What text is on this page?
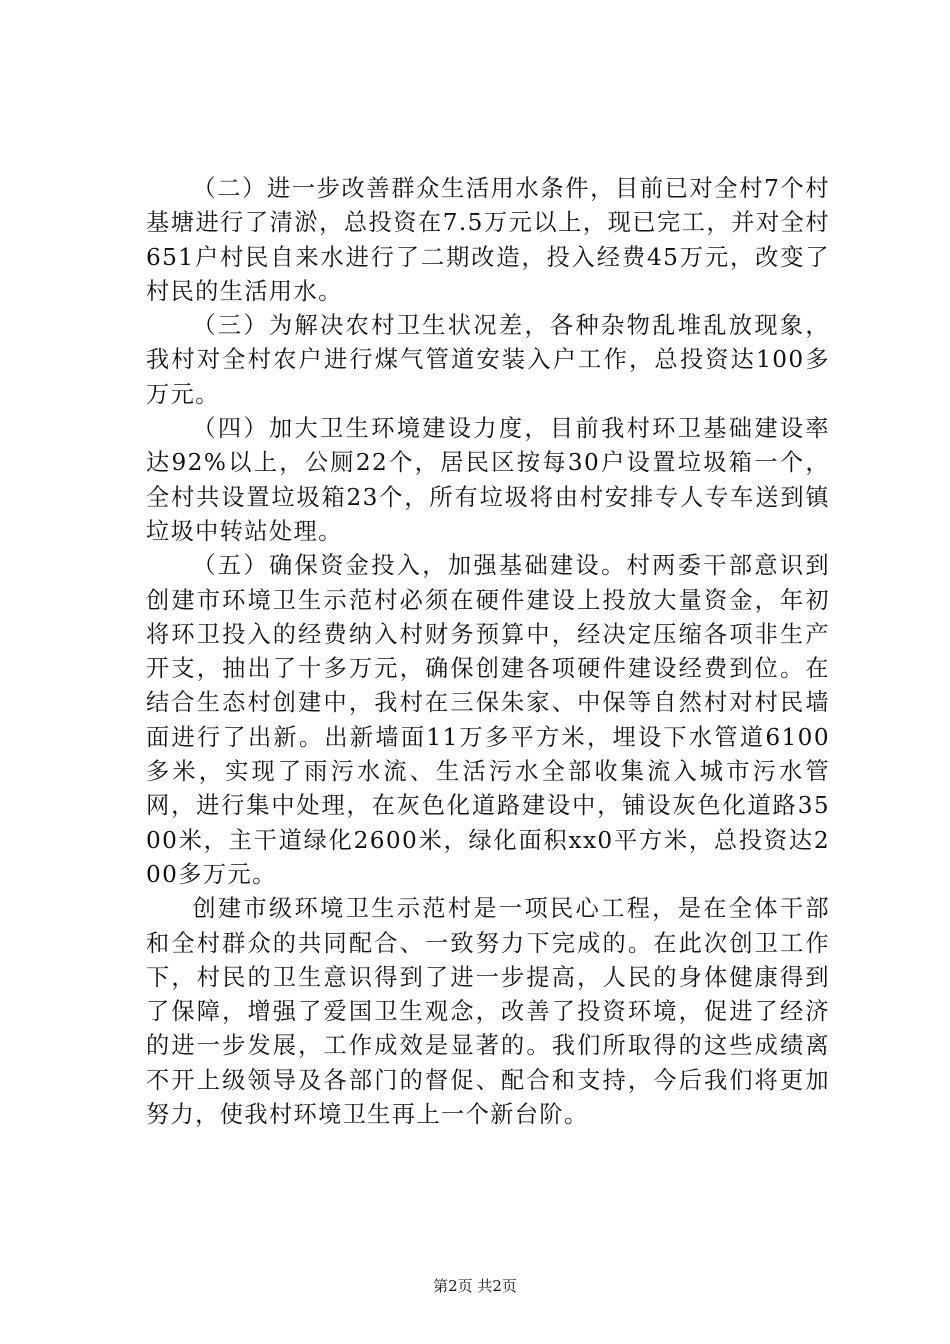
（二）进一步改善群众生活用水条件，目前已对全村7个村基塘进行了清淤，总投资在7.5万元以上，现已完工，并对全村651户村民自来水进行了二期改造，投入经费45万元，改变了村民的生活用水。

（三）为解决农村卫生状况差，各种杂物乱堆乱放现象，我村对全村农户进行煤气管道安装入户工作，总投资达100多万元。

（四）加大卫生环境建设力度，目前我村环卫基础建设率达92%以上，公厕22个，居民区按每30户设置垃圾箱一个，全村共设置垃圾箱23个，所有垃圾将由村安排专人专车送到镇垃圾中转站处理。

（五）确保资金投入，加强基础建设。村两委干部意识到创建市环境卫生示范村必须在硬件建设上投放大量资金，年初将环卫投入的经费纳入村财务预算中，经决定压缩各项非生产开支，抽出了十多万元，确保创建各项硬件建设经费到位。在结合生态村创建中，我村在三保朱家、中保等自然村对村民墙面进行了出新。出新墙面11万多平方米，埋设下水管道6100多米，实现了雨污水流、生活污水全部收集流入城市污水管网，进行集中处理，在灰色化道路建设中，铺设灰色化道路3500米，主干道绿化2600米，绿化面积xx0平方米，总投资达200多万元。

创建市级环境卫生示范村是一项民心工程，是在全体干部和全村群众的共同配合、一致努力下完成的。在此次创卫工作下，村民的卫生意识得到了进一步提高，人民的身体健康得到了保障，增强了爱国卫生观念，改善了投资环境，促进了经济的进一步发展，工作成效是显著的。我们所取得的这些成绩离不开上级领导及各部门的督促、配合和支持，今后我们将更加努力，使我村环境卫生再上一个新台阶。

第2页 共2页
